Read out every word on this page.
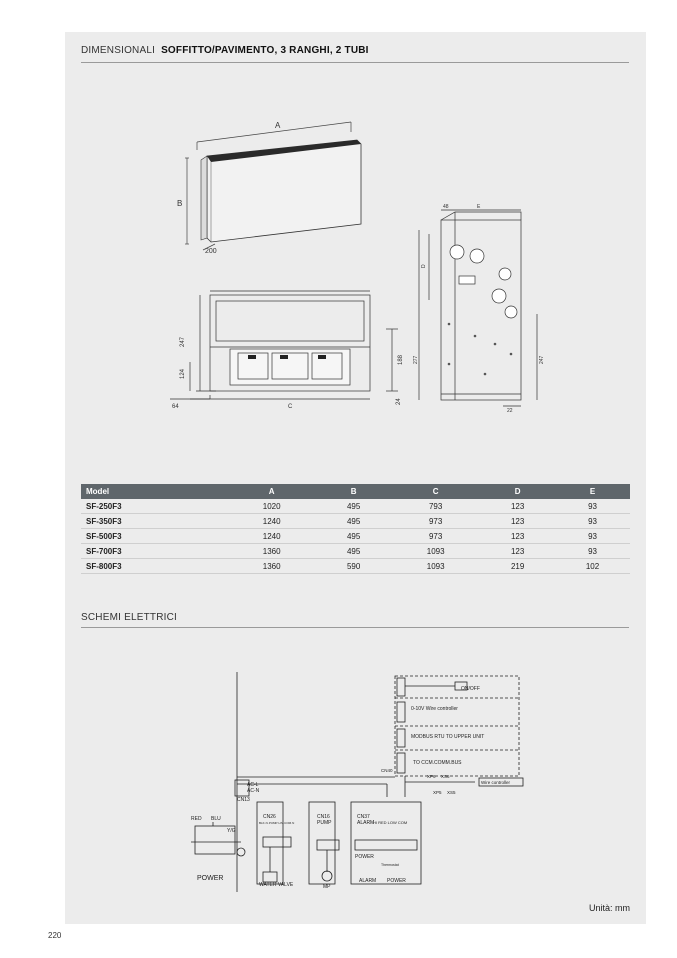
DIMENSIONALI SOFFITTO/PAVIMENTO, 3 RANGHI, 2 TUBI
A
B
200
247
124
64	C
188
24
48	E
D
277	247
22
Model	A	B	C	D	E
SF-250F3	1020	495	793	123	93
SF-350F3	1240	495	973	123	93
SF-500F3	1240	495	973	123	93
SF-700F3	1360	495	1093	123	93
SF-800F3	1360	590	1093	219	102
SCHEMI ELETTRICI
ON/OFF
0-10V Wire controller
MODBUS RTU TO UPPER UNIT
TO CCM.COMM.BUS
Wire controller
XP6 XS6
XP5 XS5
CN40
AC-L
AC-N
CN13
RED BLU
Y/G
CN26
BLK·N·PUMP·LIN·COM·N
CN16
PUMP
CN37
ALARM
HI RED LOW COM
POWER
Thermostat
ALARM POWER
POWER
WATER VALVE	MP
Unità: mm
220
